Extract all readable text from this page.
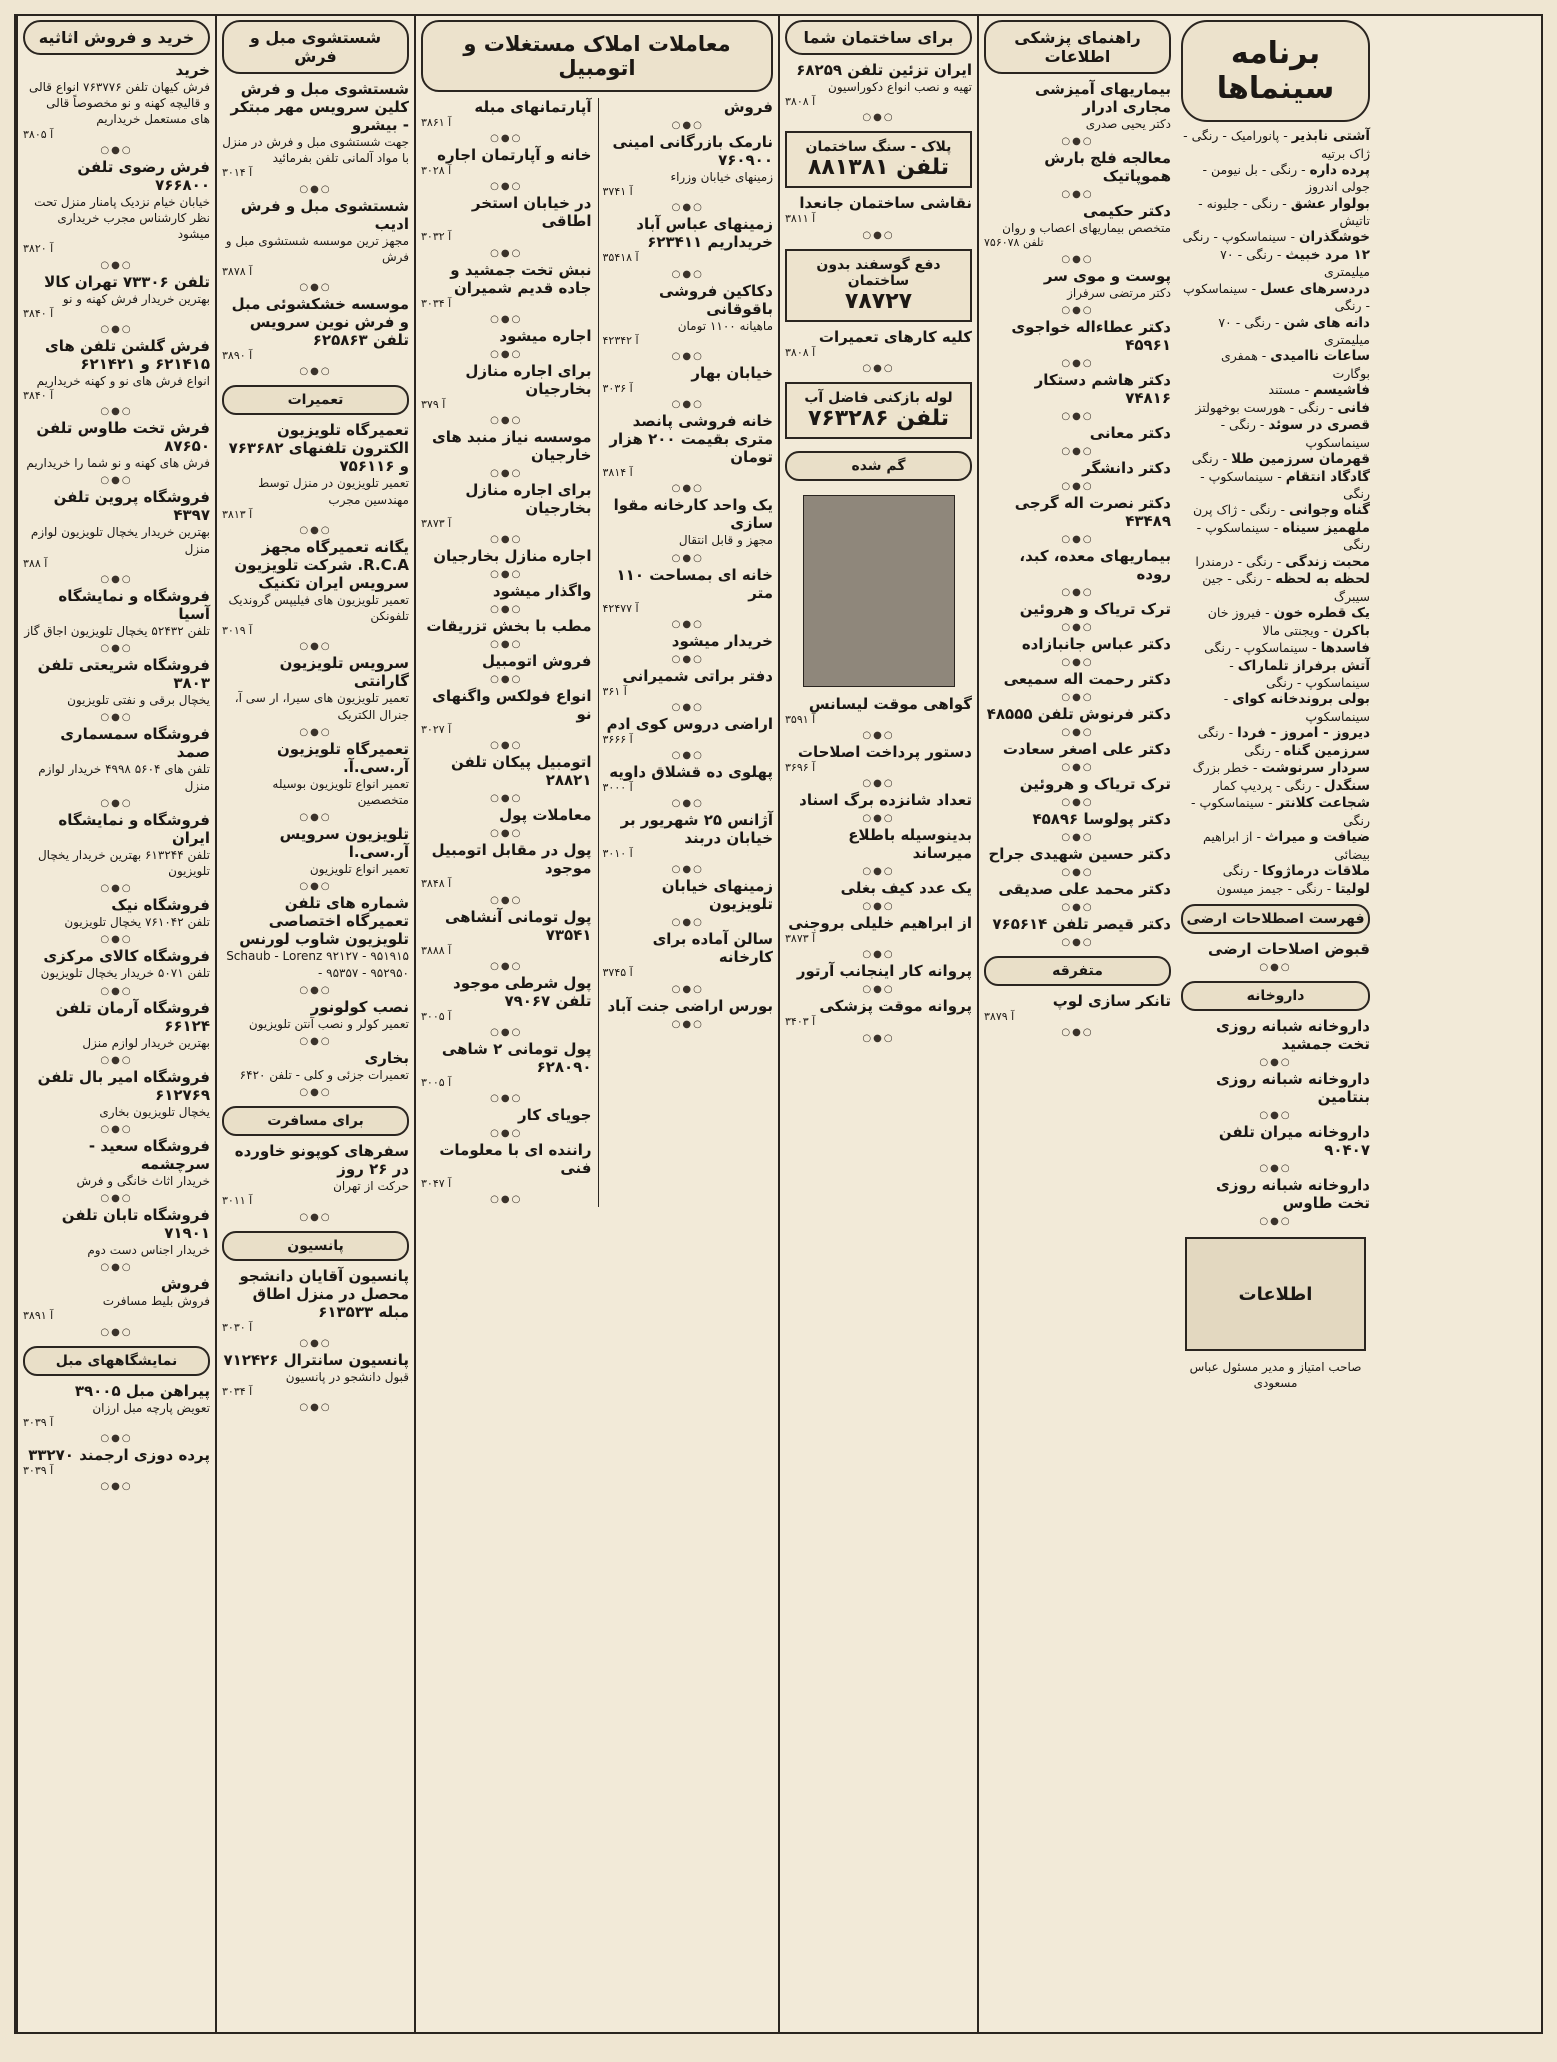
خرید و فروش اثاثیه
خرید
فرش کیهان تلفن ۷۶۳۷۷۶ انواع قالی و قالیچه کهنه و نو مخصوصاً قالی های مستعمل خریداریم
آ ۳۸۰۵
○●○
فرش رضوی تلفن ۷۶۶۸۰۰
خیابان خیام نزدیک پامنار منزل تحت نظر کارشناس مجرب خریداری میشود
آ ۳۸۲۰
○●○
تلفن ۷۳۳۰۶ تهران کالا
بهترین خریدار فرش کهنه و نو
آ ۳۸۴۰
○●○
فرش گلشن تلفن های ۶۲۱۴۱۵ و ۶۲۱۴۲۱
انواع فرش های نو و کهنه خریداریم
آ ۳۸۴۰
○●○
فرش تخت طاوس تلفن ۸۷۶۵۰
فرش های کهنه و نو شما را خریداریم
○●○
فروشگاه پروین تلفن ۴۳۹۷
بهترین خریدار یخچال تلویزیون لوازم منزل
آ ۳۸۸
○●○
فروشگاه و نمایشگاه آسیا
تلفن ۵۲۴۳۲ یخچال تلویزیون اجاق گاز
○●○
فروشگاه شریعتی تلفن ۳۸۰۳
یخچال برقی و نفتی تلویزیون
○●○
فروشگاه سمسماری صمد
تلفن های ۵۶۰۴ ۴۹۹۸ خریدار لوازم منزل
○●○
فروشگاه و نمایشگاه ایران
تلفن ۶۱۳۲۴۴ بهترین خریدار یخچال تلویزیون
○●○
فروشگاه نیک
تلفن ۷۶۱۰۴۲ یخچال تلویزیون
○●○
فروشگاه کالای مرکزی
تلفن ۵۰۷۱ خریدار یخچال تلویزیون
○●○
فروشگاه آرمان تلفن ۶۶۱۲۴
بهترین خریدار لوازم منزل
○●○
فروشگاه امیر بال تلفن ۶۱۲۷۶۹
یخچال تلویزیون بخاری
○●○
فروشگاه سعید - سرچشمه
خریدار اثاث خانگی و فرش
○●○
فروشگاه تابان تلفن ۷۱۹۰۱
خریدار اجناس دست دوم
○●○
فروش
فروش بلیط مسافرت
آ ۳۸۹۱
○●○
نمایشگاههای مبل
پیراهن مبل ۳۹۰۰۵
تعویض پارچه مبل ارزان
آ ۳۰۳۹
○●○
پرده دوزی ارجمند ۳۳۲۷۰
آ ۳۰۳۹
○●○
شستشوی مبل و فرش
شستشوی مبل و فرش کلین سرویس مهر مبتکر - بیشرو
جهت شستشوی مبل و فرش در منزل با مواد آلمانی تلفن بفرمائید
آ ۳۰۱۴
○●○
شستشوی مبل و فرش ادیب
مجهز ترین موسسه شستشوی مبل و فرش
آ ۳۸۷۸
○●○
موسسه خشکشوئی مبل و فرش نوین سرویس تلفن ۶۲۵۸۶۳
آ ۳۸۹۰
○●○
تعمیرات
تعمیرگاه تلویزیون الکترون تلفنهای ۷۶۳۶۸۲ و ۷۵۶۱۱۶
تعمیر تلویزیون در منزل توسط مهندسین مجرب
آ ۳۸۱۳
○●○
یگانه تعمیرگاه مجهز R.C.A. شرکت تلویزیون سرویس ایران تکنیک
تعمیر تلویزیون های فیلیپس گروندیک تلفونکن
آ ۳۰۱۹
○●○
سرویس تلویزیون گارانتی
تعمیر تلویزیون های سیرا، ار سی آ، جنرال الکتریک
○●○
تعمیرگاه تلویزیون آر.سی.آ.
تعمیر انواع تلویزیون بوسیله متخصصین
○●○
تلویزیون سرویس آر.سی.ا
تعمیر انواع تلویزیون
○●○
شماره های تلفن تعمیرگاه اختصاصی تلویزیون شاوب لورنس
Schaub - Lorenz ۹۲۱۲۷ - ۹۵۱۹۱۵ - ۹۵۳۵۷ - ۹۵۲۹۵۰
○●○
نصب کولونور
تعمیر کولر و نصب آنتن تلویزیون
○●○
بخاری
تعمیرات جزئی و کلی - تلفن ۶۴۲۰
○●○
برای مسافرت
سفرهای کوپونو خاورده در ۲۶ روز
حرکت از تهران
آ ۳۰۱۱
○●○
پانسیون
پانسیون آقایان دانشجو محصل در منزل اطاق مبله ۶۱۳۵۳۳
آ ۳۰۳۰
○●○
پانسیون سانترال ۷۱۲۴۲۶
قبول دانشجو در پانسیون
آ ۳۰۳۴
○●○
معاملات املاک مستغلات و اتومبیل
فروش
○●○
نارمک بازرگانی امینی ۷۶۰۹۰۰
زمینهای خیابان وزراء
آ ۳۷۴۱
○●○
زمینهای عباس آباد خریداریم ۶۲۳۴۱۱
آ ۳۵۴۱۸
○●○
دکاکین فروشی باقوقانی
ماهیانه ۱۱۰۰ تومان
آ ۴۲۳۴۲
○●○
خیابان بهار
آ ۳۰۳۶
○●○
خانه فروشی پانصد متری بقیمت ۲۰۰ هزار تومان
آ ۳۸۱۴
○●○
یک واحد کارخانه مقوا سازی
مجهز و قابل انتقال
○●○
خانه ای بمساحت ۱۱۰ متر
آ ۴۲۴۷۷
○●○
خریدار میشود
○●○
دفتر براتی شمیرانی
آ ۳۶۱
○●○
اراضی دروس کوی ادم
آ ۳۶۶۶
○●○
پهلوی ده قشلاق داویه
آ ۳۰۰۰
○●○
آژانس ۲۵ شهریور بر خیابان دربند
آ ۳۰۱۰
○●○
زمینهای خیابان تلویزیون
○●○
سالن آماده برای کارخانه
آ ۳۷۴۵
○●○
بورس اراضی جنت آباد
○●○
آپارتمانهای مبله
آ ۳۸۶۱
○●○
خانه و آپارتمان اجاره
آ ۳۰۲۸
○●○
در خیابان استخر اطاقی
آ ۳۰۳۲
○●○
نبش تخت جمشید و جاده قدیم شمیران
آ ۳۰۳۴
○●○
اجاره میشود
○●○
برای اجاره منازل بخارجیان
آ ۳۷۹
○●○
موسسه نیاز منبد های خارجیان
○●○
برای اجاره منازل بخارجیان
آ ۳۸۷۳
○●○
اجاره منازل بخارجیان
○●○
واگذار میشود
○●○
مطب با بخش تزریقات
○●○
فروش اتومبیل
○●○
انواع فولکس واگنهای نو
آ ۳۰۲۷
○●○
اتومبیل پیکان تلفن ۲۸۸۲۱
○●○
معاملات پول
○●○
پول در مقابل اتومبیل موجود
آ ۳۸۴۸
○●○
پول تومانی آنشاهی ۷۳۵۴۱
آ ۳۸۸۸
○●○
پول شرطی موجود تلفن ۷۹۰۶۷
آ ۳۰۰۵
○●○
پول تومانی ۲ شاهی ۶۲۸۰۹۰
آ ۳۰۰۵
○●○
جویای کار
○●○
راننده ای با معلومات فنی
آ ۳۰۴۷
○●○
برای ساختمان شما
ایران تزئین تلفن ۶۸۲۵۹
تهیه و نصب انواع دکوراسیون
آ ۳۸۰۸
○●○
پلاک - سنگ ساختمان
تلفن ۸۸۱۳۸۱
نقاشی ساختمان جانعدا
آ ۳۸۱۱
○●○
دفع گوسفند بدون ساختمان
۷۸۷۲۷
کلیه کارهای تعمیرات
آ ۳۸۰۸
○●○
لوله بازکنی فاضل آب
تلفن ۷۶۳۲۸۶
گم شده
گواهی موقت لیسانس
آ ۳۵۹۱
○●○
دستور پرداخت اصلاحات
آ ۳۶۹۶
○●○
تعداد شانزده برگ اسناد
○●○
بدینوسیله باطلاع میرساند
○●○
یک عدد کیف بغلی
○●○
از ابراهیم خلیلی بروجنی
آ ۳۸۷۳
○●○
پروانه کار اینجانب آرتور
○●○
پروانه موقت پزشکی
آ ۳۴۰۳
○●○
راهنمای پزشکی اطلاعات
بیماریهای آمیزشی مجاری ادرار
دکتر یحیی صدری
○●○
معالجه فلج بارش هموپاتیک
○●○
دکتر حکیمی
متخصص بیماریهای اعصاب و روان
تلفن ۷۵۶۰۷۸
○●○
پوست و موی سر
دکتر مرتضی سرفراز
○●○
دکتر عطاءاله خواجوی ۴۵۹۶۱
○●○
دکتر هاشم دستکار ۷۴۸۱۶
○●○
دکتر معانی
○●○
دکتر دانشگر
○●○
دکتر نصرت اله گرجی ۴۳۴۸۹
○●○
بیماریهای معده، کبد، روده
○●○
ترک تریاک و هروئین
○●○
دکتر عباس جانبازاده
○●○
دکتر رحمت اله سمیعی
○●○
دکتر فرنوش تلفن ۴۸۵۵۵
○●○
دکتر علی اصغر سعادت
○●○
ترک تریاک و هروئین
○●○
دکتر پولوسا ۴۵۸۹۶
○●○
دکتر حسین شهیدی جراح
○●○
دکتر محمد علی صدیقی
○●○
دکتر قیصر تلفن ۷۶۵۶۱۴
○●○
متفرقه
تانکر سازی لوپ
آ ۳۸۷۹
○●○
برنامه سینماها
آشتی نابذیر - پانورامیک - رنگی - ژاک برتیه
پرده داره - رنگی - بل نیومن - جولی اندروز
بولوار عشق - رنگی - جلیونه - تاتیش
خوشگذران - سینماسکوپ - رنگی
۱۲ مرد خبیث - رنگی - ۷۰ میلیمتری
دردسرهای عسل - سینماسکوپ - رنگی
دانه های شن - رنگی - ۷۰ میلیمتری
ساعات ناامیدی - همفری بوگارت
فاشیسم - مستند
فانی - رنگی - هورست بوخهولتز
قصری در سوئد - رنگی - سینماسکوپ
قهرمان سرزمین طلا - رنگی
گادگاد انتقام - سینماسکوپ - رنگی
گناه وجوانی - رنگی - ژاک پرن
ملهمیز سیناه - سینماسکوپ - رنگی
محبت زندگی - رنگی - درمندرا
لحظه به لحظه - رنگی - جین سیبرگ
یک قطره خون - فیروز خان
باکرن - ویجنتی مالا
فاسدها - سینماسکوپ - رنگی
آتش برفراز تلماراک - سینماسکوپ - رنگی
بولی بروندخانه کوای - سینماسکوپ
دیروز - امروز - فردا - رنگی
سرزمین گناه - رنگی
سردار سرنوشت - خطر بزرگ
سنگدل - رنگی - پردیپ کمار
شجاعت کلانتر - سینماسکوپ - رنگی
ضیافت و میراث - از ابراهیم بیضائی
ملاقات درماژوکا - رنگی
لولیتا - رنگی - جیمز میسون
فهرست اصطلاحات ارضی
قبوض اصلاحات ارضی
○●○
داروخانه
داروخانه شبانه روزی تخت جمشید
○●○
داروخانه شبانه روزی بنتامین
○●○
داروخانه میران تلفن ۹۰۴۰۷
○●○
داروخانه شبانه روزی تخت طاوس
○●○
اطلاعات
صاحب امتیاز و مدیر مسئول عباس مسعودی
